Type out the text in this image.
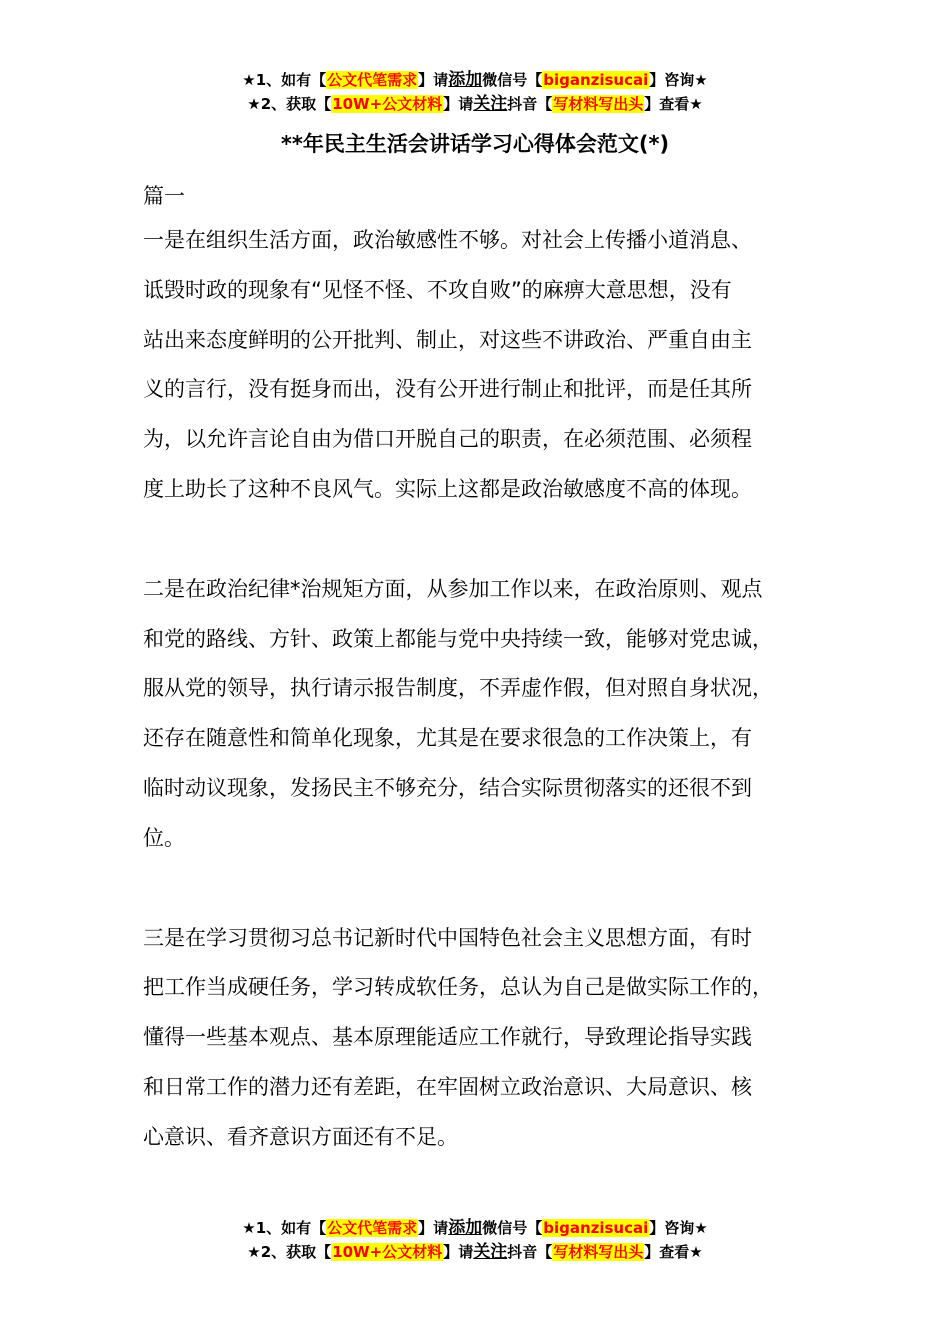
★1、如有【公文代笔需求】请添加微信号【biganzisucai】咨询★
★2、获取【10W+公文材料】请关注抖音【写材料写出头】查看★
**年民主生活会讲话学习心得体会范文(*)
篇一

一是在组织生活方面，政治敏感性不够。对社会上传播小道消息、
诋毁时政的现象有“见怪不怪、不攻自败”的麻痹大意思想，没有
站出来态度鲜明的公开批判、制止，对这些不讲政治、严重自由主
义的言行，没有挺身而出，没有公开进行制止和批评，而是任其所
为，以允许言论自由为借口开脱自己的职责，在必须范围、必须程
度上助长了这种不良风气。实际上这都是政治敏感度不高的体现。

二是在政治纪律*治规矩方面，从参加工作以来，在政治原则、观点
和党的路线、方针、政策上都能与党中央持续一致，能够对党忠诚，
服从党的领导，执行请示报告制度，不弄虚作假，但对照自身状况，
还存在随意性和简单化现象，尤其是在要求很急的工作决策上，有
临时动议现象，发扬民主不够充分，结合实际贯彻落实的还很不到
位。

三是在学习贯彻习总书记新时代中国特色社会主义思想方面，有时
把工作当成硬任务，学习转成软任务，总认为自己是做实际工作的，
懂得一些基本观点、基本原理能适应工作就行，导致理论指导实践
和日常工作的潜力还有差距，在牢固树立政治意识、大局意识、核
心意识、看齐意识方面还有不足。

★1、如有【公文代笔需求】请添加微信号【biganzisucai】咨询★
★2、获取【10W+公文材料】请关注抖音【写材料写出头】查看★
